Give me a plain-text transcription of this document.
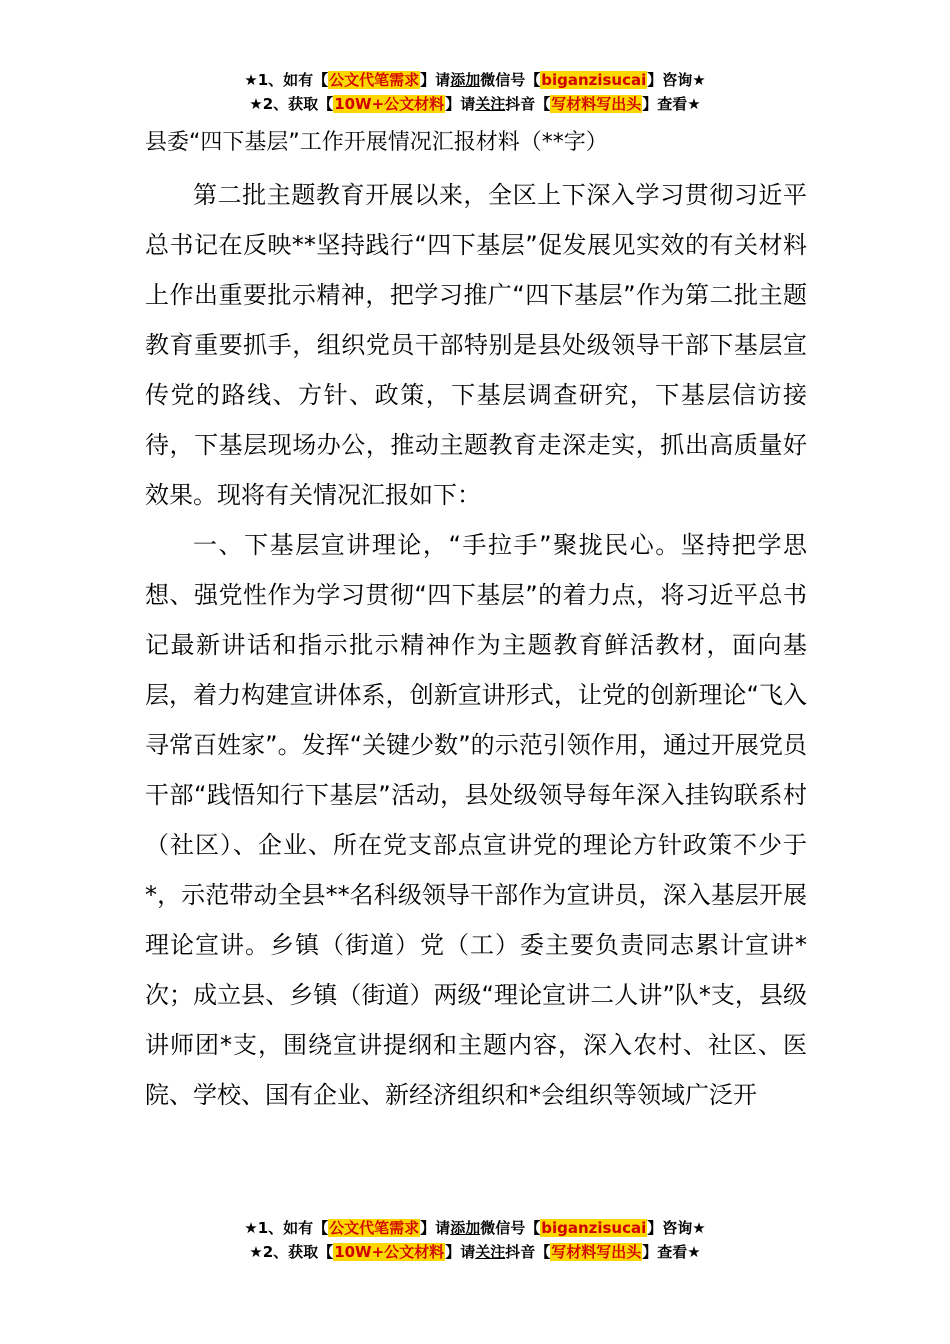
★1、如有【公文代笔需求】请添加微信号【biganzisucai】咨询★
★2、获取【10W+公文材料】请关注抖音【写材料写出头】查看★
县委“四下基层”工作开展情况汇报材料（**字）

第二批主题教育开展以来，全区上下深入学习贯彻习近平总书记在反映**坚持践行“四下基层”促发展见实效的有关材料上作出重要批示精神，把学习推广“四下基层”作为第二批主题教育重要抓手，组织党员干部特别是县处级领导干部下基层宣传党的路线、方针、政策，下基层调查研究，下基层信访接待，下基层现场办公，推动主题教育走深走实，抓出高质量好效果。现将有关情况汇报如下：

一、下基层宣讲理论，“手拉手”聚拢民心。坚持把学思想、强党性作为学习贯彻“四下基层”的着力点，将习近平总书记最新讲话和指示批示精神作为主题教育鲜活教材，面向基层，着力构建宣讲体系，创新宣讲形式，让党的创新理论“飞入寻常百姓家”。发挥“关键少数”的示范引领作用，通过开展党员干部“践悟知行下基层”活动，县处级领导每年深入挂钩联系村（社区）、企业、所在党支部点宣讲党的理论方针政策不少于*，示范带动全县**名科级领导干部作为宣讲员，深入基层开展理论宣讲。乡镇（街道）党（工）委主要负责同志累计宣讲*次；成立县、乡镇（街道）两级“理论宣讲二人讲”队*支，县级讲师团*支，围绕宣讲提纲和主题内容，深入农村、社区、医院、学校、国有企业、新经济组织和*会组织等领域广泛开

★1、如有【公文代笔需求】请添加微信号【biganzisucai】咨询★
★2、获取【10W+公文材料】请关注抖音【写材料写出头】查看★
